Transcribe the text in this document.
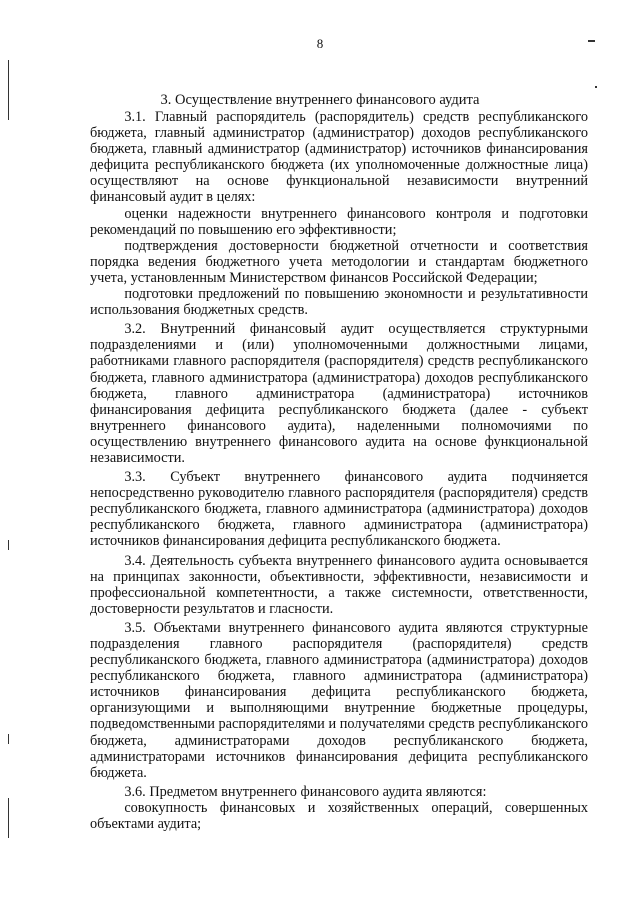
8
3. Осуществление внутреннего финансового аудита

3.1. Главный распорядитель (распорядитель) средств республиканского бюджета, главный администратор (администратор) доходов республиканского бюджета, главный администратор (администратор) источников финансирования дефицита республиканского бюджета (их уполномоченные должностные лица) осуществляют на основе функциональной независимости внутренний финансовый аудит в целях:

оценки надежности внутреннего финансового контроля и подготовки рекомендаций по повышению его эффективности;

подтверждения достоверности бюджетной отчетности и соответствия порядка ведения бюджетного учета методологии и стандартам бюджетного учета, установленным Министерством финансов Российской Федерации;

подготовки предложений по повышению экономности и результативности использования бюджетных средств.

3.2. Внутренний финансовый аудит осуществляется структурными подразделениями и (или) уполномоченными должностными лицами, работниками главного распорядителя (распорядителя) средств республиканского бюджета, главного администратора (администратора) доходов республиканского бюджета, главного администратора (администратора) источников финансирования дефицита республиканского бюджета (далее - субъект внутреннего финансового аудита), наделенными полномочиями по осуществлению внутреннего финансового аудита на основе функциональной независимости.

3.3. Субъект внутреннего финансового аудита подчиняется непосредственно руководителю главного распорядителя (распорядителя) средств республиканского бюджета, главного администратора (администратора) доходов республиканского бюджета, главного администратора (администратора) источников финансирования дефицита республиканского бюджета.

3.4. Деятельность субъекта внутреннего финансового аудита основывается на принципах законности, объективности, эффективности, независимости и профессиональной компетентности, а также системности, ответственности, достоверности результатов и гласности.

3.5. Объектами внутреннего финансового аудита являются структурные подразделения главного распорядителя (распорядителя) средств республиканского бюджета, главного администратора (администратора) доходов республиканского бюджета, главного администратора (администратора) источников финансирования дефицита республиканского бюджета, организующими и выполняющими внутренние бюджетные процедуры, подведомственными распорядителями и получателями средств республиканского бюджета, администраторами доходов республиканского бюджета, администраторами источников финансирования дефицита республиканского бюджета.

3.6. Предметом внутреннего финансового аудита являются:

совокупность финансовых и хозяйственных операций, совершенных объектами аудита;
